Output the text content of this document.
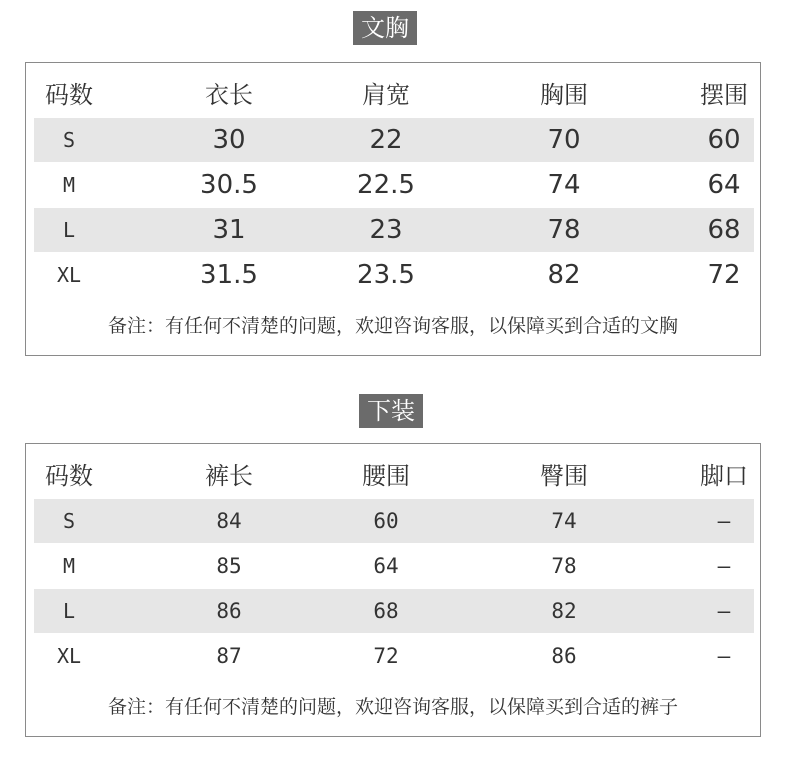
文胸
码数	衣长	肩宽	胸围	摆围
S	30	22	70	60
M	30.5	22.5	74	64
L	31	23	78	68
XL	31.5	23.5	82	72
备注：有任何不清楚的问题，欢迎咨询客服，以保障买到合适的文胸
下装
码数	裤长	腰围	臀围	脚口
S	84	60	74	—
M	85	64	78	—
L	86	68	82	—
XL	87	72	86	—
备注：有任何不清楚的问题，欢迎咨询客服，以保障买到合适的裤子
